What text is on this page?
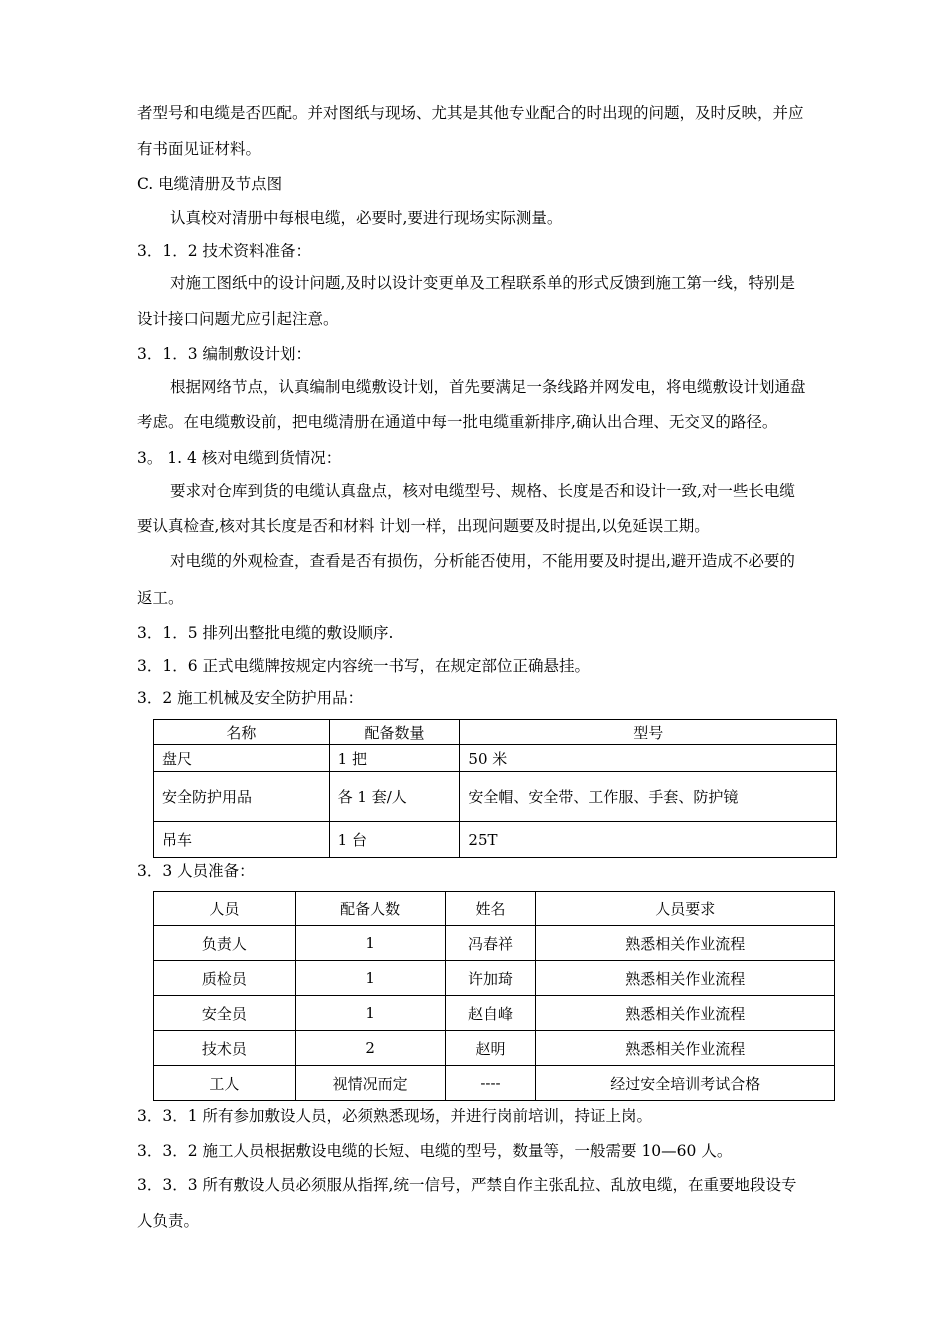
者型号和电缆是否匹配。并对图纸与现场、尤其是其他专业配合的时出现的问题，及时反映，并应
有书面见证材料。
C. 电缆清册及节点图
认真校对清册中每根电缆，必要时,要进行现场实际测量。
3．1．2 技术资料准备：
对施工图纸中的设计问题,及时以设计变更单及工程联系单的形式反馈到施工第一线，特别是
设计接口问题尤应引起注意。
3．1．3 编制敷设计划：
根据网络节点，认真编制电缆敷设计划，首先要满足一条线路并网发电，将电缆敷设计划通盘
考虑。在电缆敷设前，把电缆清册在通道中每一批电缆重新排序,确认出合理、无交叉的路径。
3。 1. 4 核对电缆到货情况：
要求对仓库到货的电缆认真盘点，核对电缆型号、规格、长度是否和设计一致,对一些长电缆
要认真检查,核对其长度是否和材料 计划一样，出现问题要及时提出,以免延误工期。
对电缆的外观检查，查看是否有损伤，分析能否使用，不能用要及时提出,避开造成不必要的
返工。
3．1．5 排列出整批电缆的敷设顺序.
3．1．6 正式电缆牌按规定内容统一书写，在规定部位正确悬挂。
3．2 施工机械及安全防护用品：
名称	配备数量	型号
盘尺	1 把	50 米
安全防护用品	各 1 套/人	安全帽、安全带、工作服、手套、防护镜
吊车	1 台	25T
3．3 人员准备：
人员	配备人数	姓名	人员要求
负责人	1	冯春祥	熟悉相关作业流程
质检员	1	许加琦	熟悉相关作业流程
安全员	1	赵自峰	熟悉相关作业流程
技术员	2	赵明	熟悉相关作业流程
工人	视情况而定	----	经过安全培训考试合格
3．3．1 所有参加敷设人员，必须熟悉现场，并进行岗前培训，持证上岗。
3．3．2 施工人员根据敷设电缆的长短、电缆的型号，数量等，一般需要 10—60 人。
3．3．3 所有敷设人员必须服从指挥,统一信号，严禁自作主张乱拉、乱放电缆，在重要地段设专
人负责。
